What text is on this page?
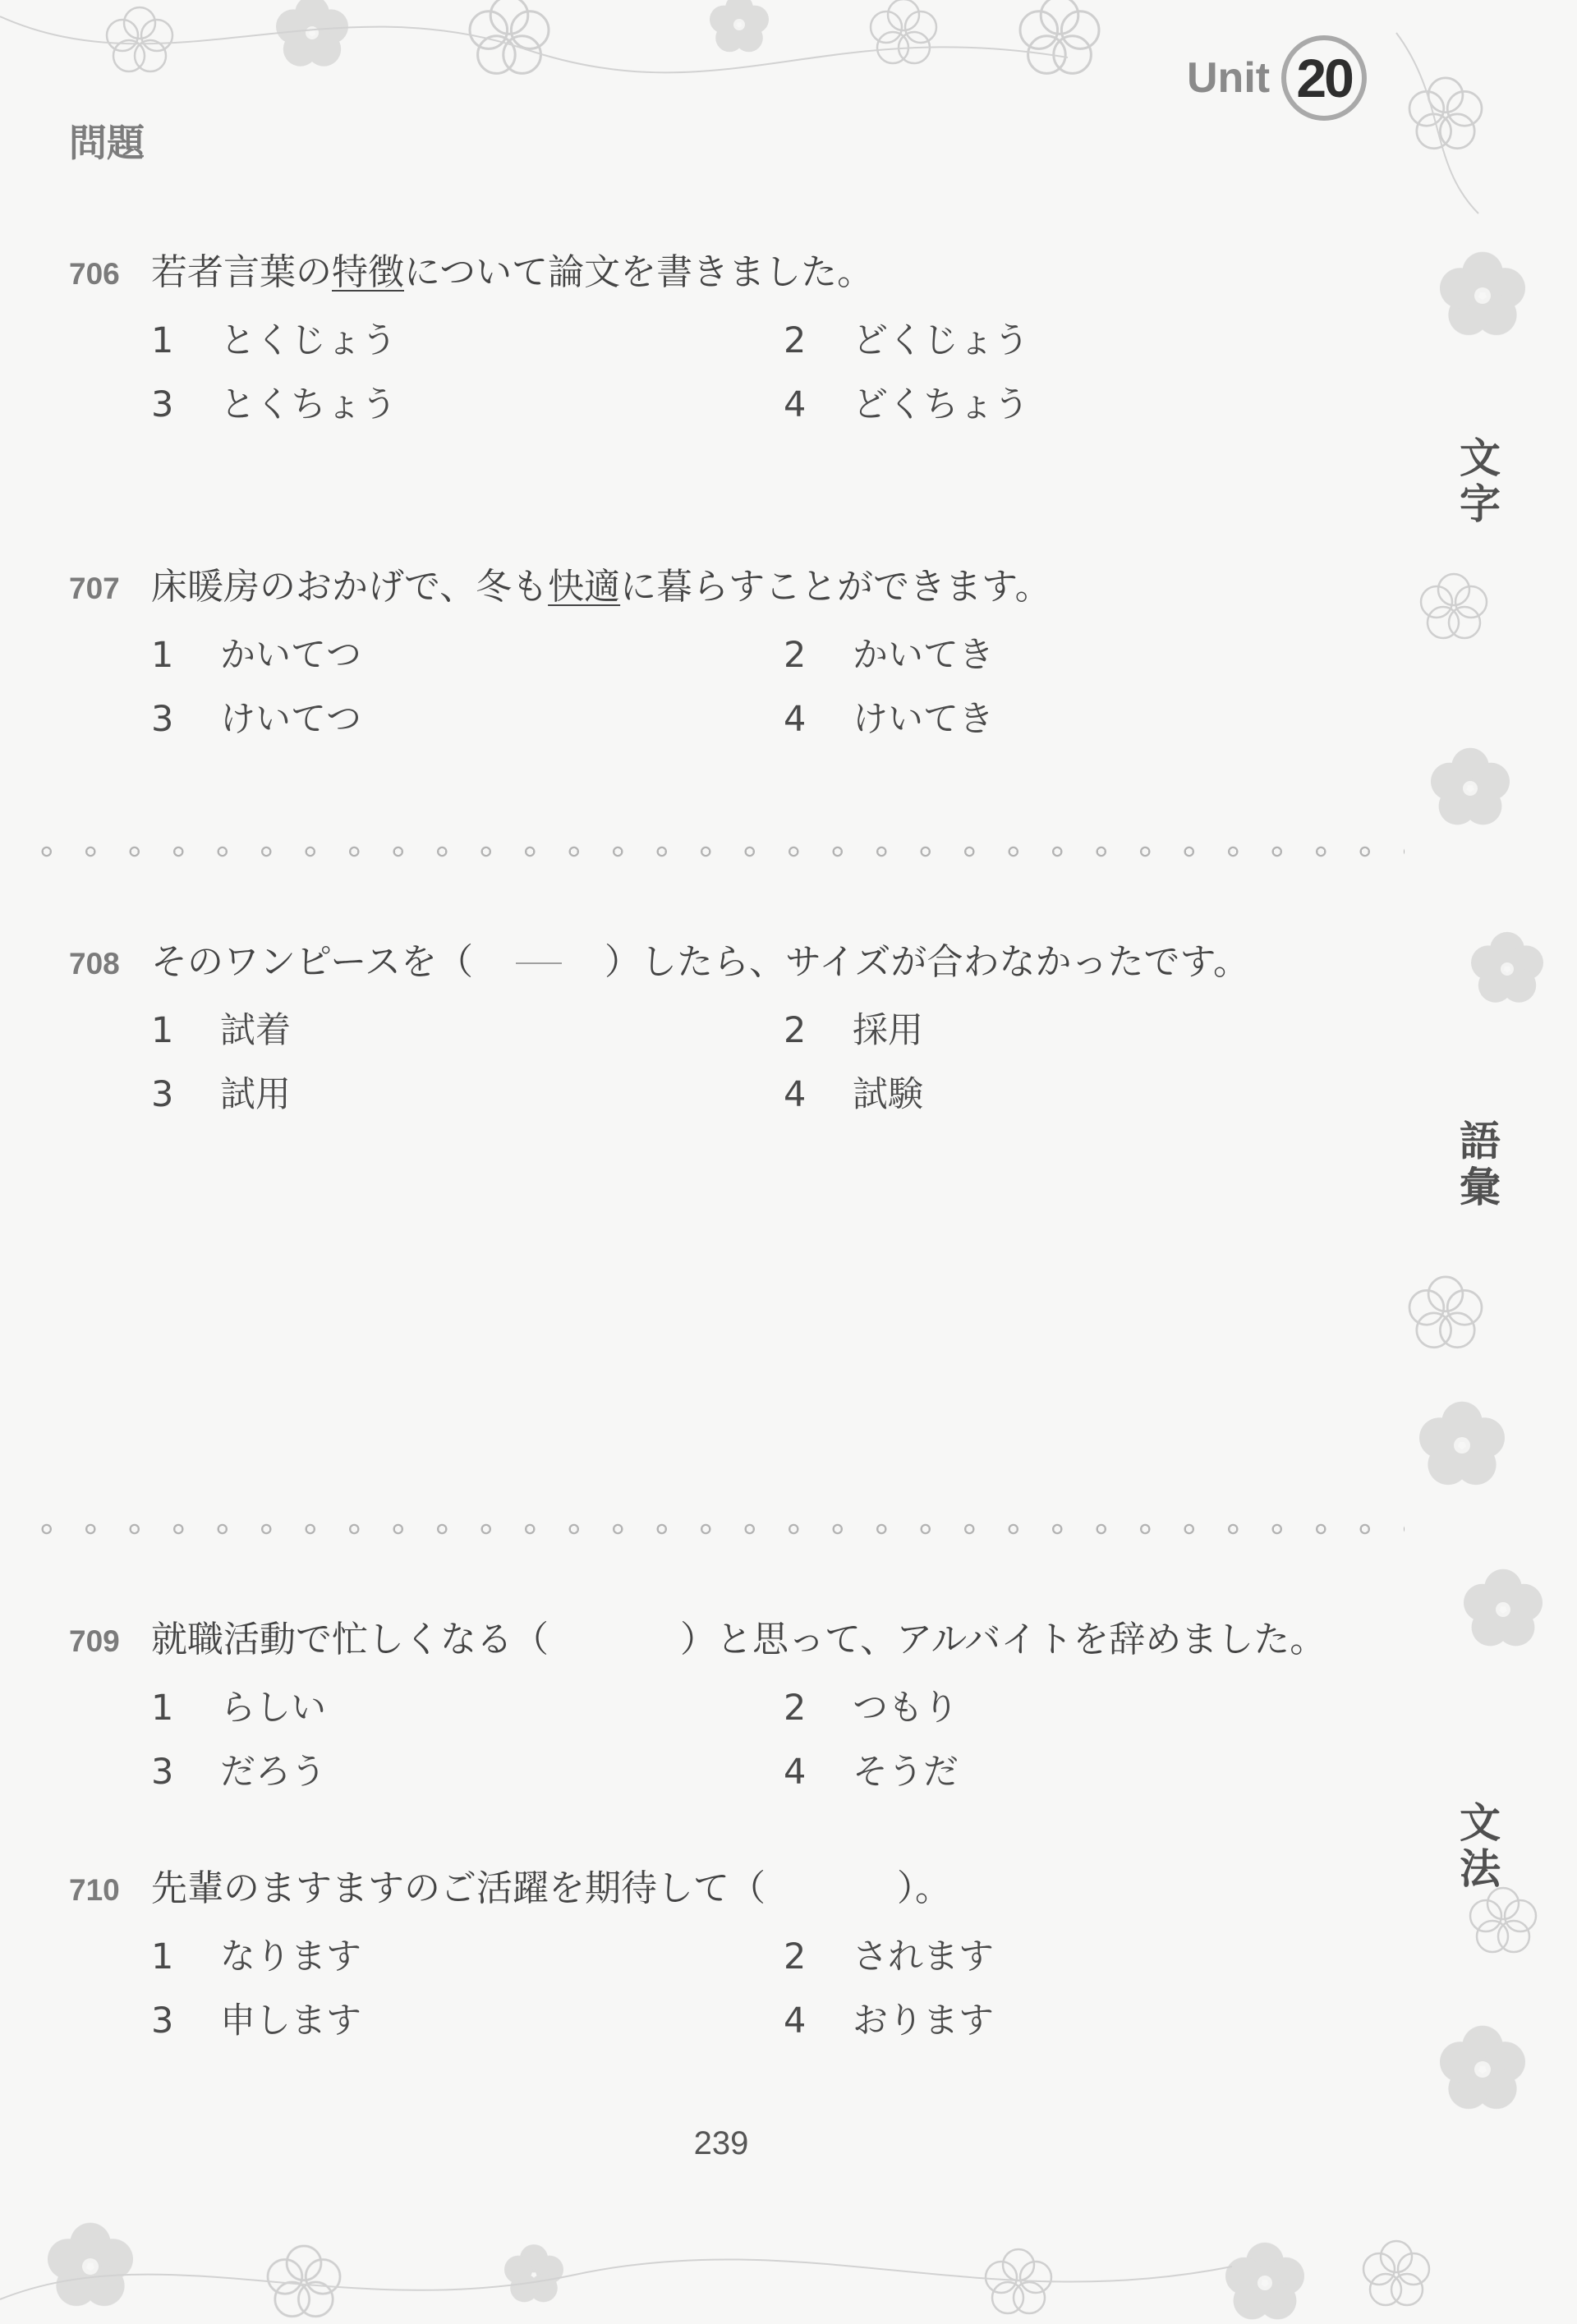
Unit 20
問題
706 若者言葉の 特徴 について論文を書きました。
1	とくじょう	2	どくじょう
3	とくちょう	4	どくちょう
707 床暖房のおかげで、冬も 快適 に暮らすことができます。
1	かいてつ	2	かいてき
3	けいてつ	4	けいてき
708 そのワンピースを（	）したら、サイズが合わなかったです。
1	試着	2	採用
3	試用	4	試験
709 就職活動で忙しくなる（	）と思って、アルバイトを辞めました。
1	らしい	2	つもり
3	だろう	4	そうだ
710 先輩のますますのご活躍を期待して（	）。
1	なります	2	されます
3	申します	4	おります
文
字
語
彙
文
法
239
